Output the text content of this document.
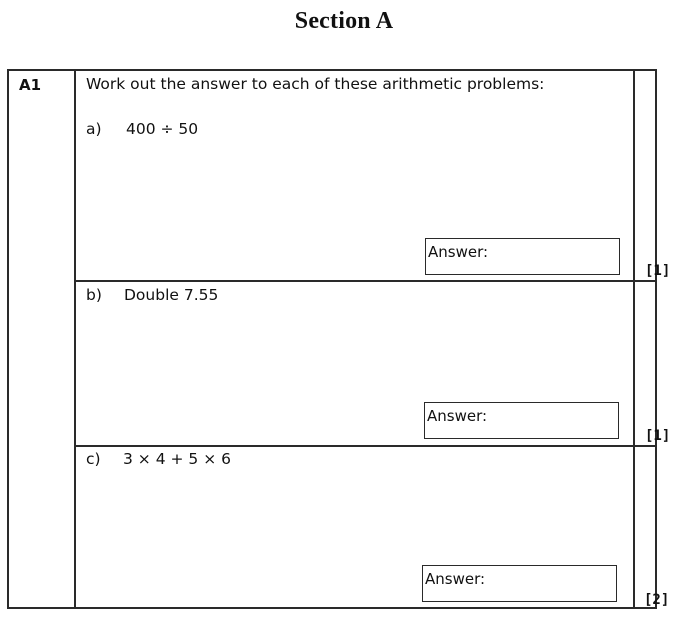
Section A
A1	Work out the answer to each of these arithmetic problems:
a) 400 ÷ 50
Answer:
[1]
b) Double 7.55
Answer:
[1]
c) 3 × 4 + 5 × 6
Answer:
[2]
